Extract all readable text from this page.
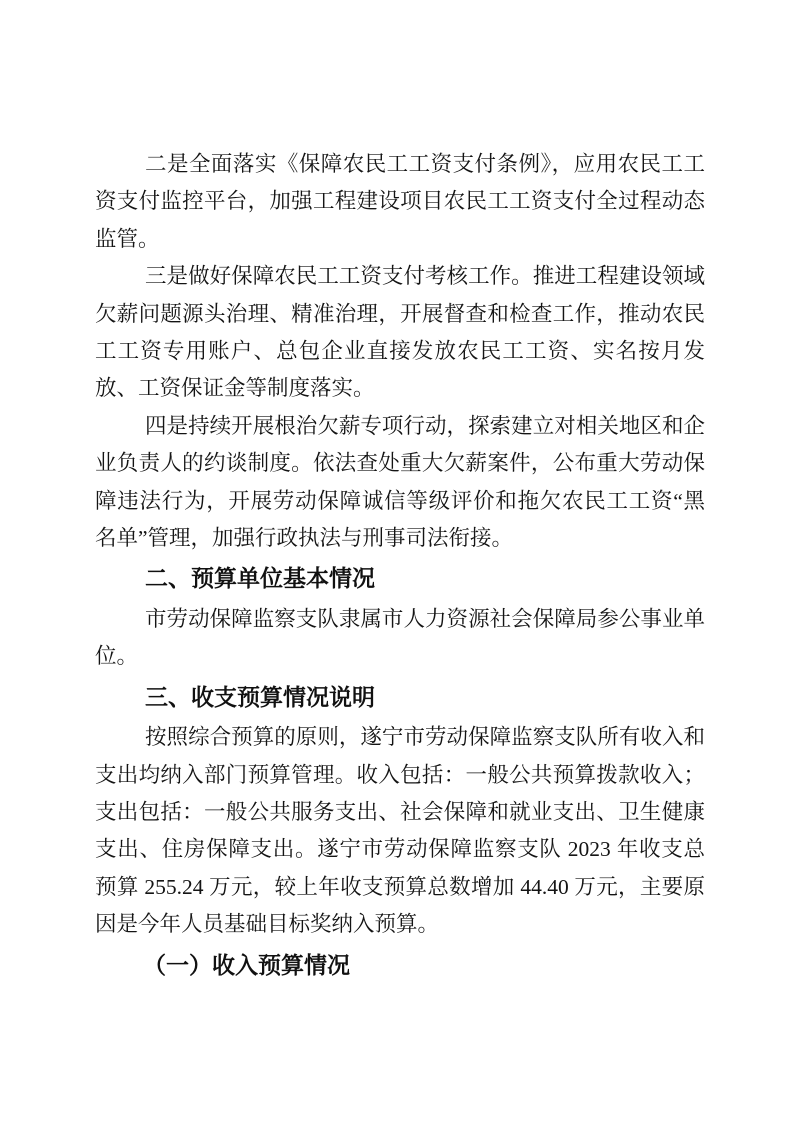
二是全面落实《保障农民工工资支付条例》，应用农民工工资支付监控平台，加强工程建设项目农民工工资支付全过程动态监管。

三是做好保障农民工工资支付考核工作。推进工程建设领域欠薪问题源头治理、精准治理，开展督查和检查工作，推动农民工工资专用账户、总包企业直接发放农民工工资、实名按月发放、工资保证金等制度落实。

四是持续开展根治欠薪专项行动，探索建立对相关地区和企业负责人的约谈制度。依法查处重大欠薪案件，公布重大劳动保障违法行为，开展劳动保障诚信等级评价和拖欠农民工工资“黑名单”管理，加强行政执法与刑事司法衔接。

二、预算单位基本情况

市劳动保障监察支队隶属市人力资源社会保障局参公事业单位。

三、收支预算情况说明

按照综合预算的原则，遂宁市劳动保障监察支队所有收入和支出均纳入部门预算管理。收入包括：一般公共预算拨款收入；支出包括：一般公共服务支出、社会保障和就业支出、卫生健康支出、住房保障支出。遂宁市劳动保障监察支队 2023 年收支总预算 255.24 万元，较上年收支预算总数增加 44.40 万元，主要原因是今年人员基础目标奖纳入预算。

（一）收入预算情况
